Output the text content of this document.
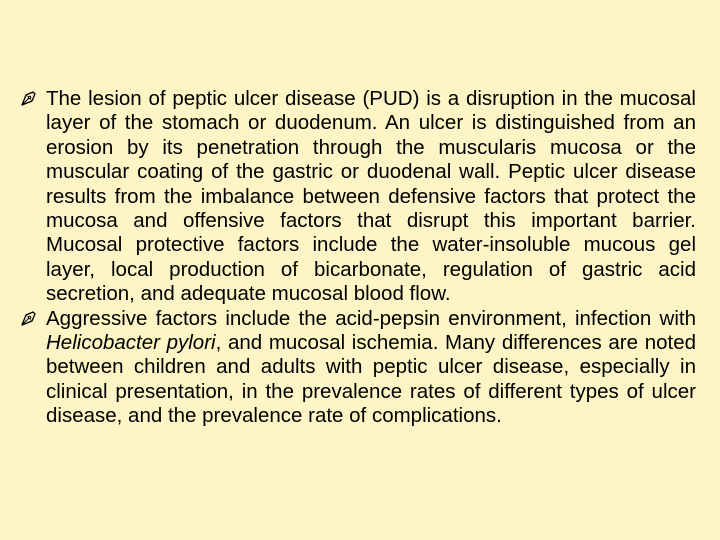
The lesion of peptic ulcer disease (PUD) is a disruption in the mucosal layer of the stomach or duodenum. An ulcer is distinguished from an erosion by its penetration through the muscularis mucosa or the muscular coating of the gastric or duodenal wall. Peptic ulcer disease results from the imbalance between defensive factors that protect the mucosa and offensive factors that disrupt this important barrier. Mucosal protective factors include the water-insoluble mucous gel layer, local production of bicarbonate, regulation of gastric acid secretion, and adequate mucosal blood flow.
Aggressive factors include the acid-pepsin environment, infection with Helicobacter pylori, and mucosal ischemia. Many differences are noted between children and adults with peptic ulcer disease, especially in clinical presentation, in the prevalence rates of different types of ulcer disease, and the prevalence rate of complications.
